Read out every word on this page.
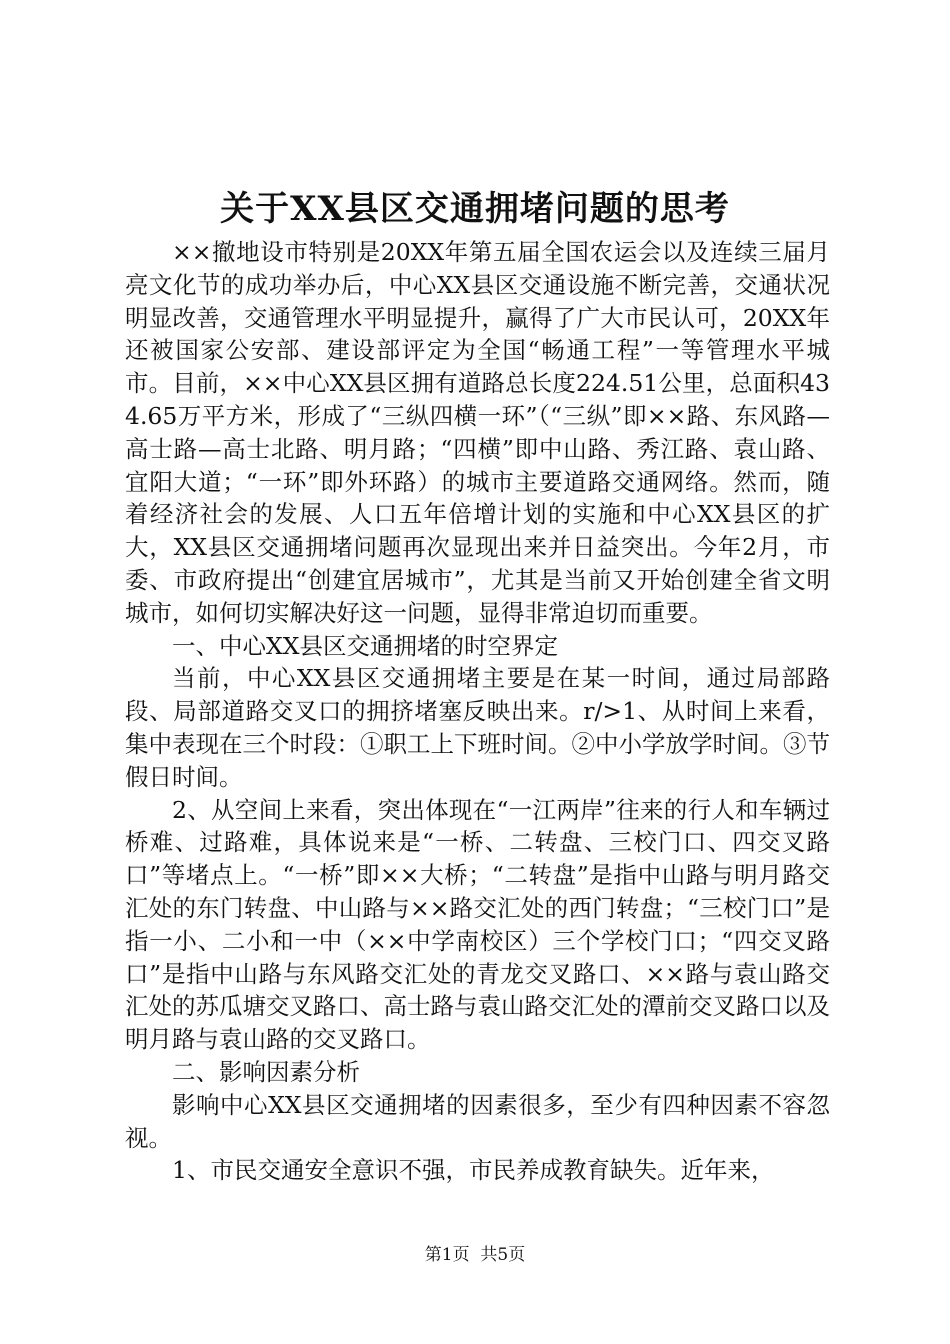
关于XX县区交通拥堵问题的思考

××撤地设市特别是20XX年第五届全国农运会以及连续三届月亮文化节的成功举办后，中心XX县区交通设施不断完善，交通状况明显改善，交通管理水平明显提升，赢得了广大市民认可，20XX年还被国家公安部、建设部评定为全国“畅通工程”一等管理水平城市。目前，××中心XX县区拥有道路总长度224.51公里，总面积434.65万平方米，形成了“三纵四横一环”（“三纵”即××路、东风路—高士路—高士北路、明月路；“四横”即中山路、秀江路、袁山路、宜阳大道；“一环”即外环路）的城市主要道路交通网络。然而，随着经济社会的发展、人口五年倍增计划的实施和中心XX县区的扩大，XX县区交通拥堵问题再次显现出来并日益突出。今年2月，市委、市政府提出“创建宜居城市”，尤其是当前又开始创建全省文明城市，如何切实解决好这一问题，显得非常迫切而重要。

一、中心XX县区交通拥堵的时空界定

当前，中心XX县区交通拥堵主要是在某一时间，通过局部路段、局部道路交叉口的拥挤堵塞反映出来。r/>1、从时间上来看，集中表现在三个时段：①职工上下班时间。②中小学放学时间。③节假日时间。

2、从空间上来看，突出体现在“一江两岸”往来的行人和车辆过桥难、过路难，具体说来是“一桥、二转盘、三校门口、四交叉路口”等堵点上。“一桥”即××大桥；“二转盘”是指中山路与明月路交汇处的东门转盘、中山路与××路交汇处的西门转盘；“三校门口”是指一小、二小和一中（××中学南校区）三个学校门口；“四交叉路口”是指中山路与东风路交汇处的青龙交叉路口、××路与袁山路交汇处的苏瓜塘交叉路口、高士路与袁山路交汇处的潭前交叉路口以及明月路与袁山路的交叉路口。

二、影响因素分析

影响中心XX县区交通拥堵的因素很多，至少有四种因素不容忽视。

1、市民交通安全意识不强，市民养成教育缺失。近年来，

第1页  共5页
